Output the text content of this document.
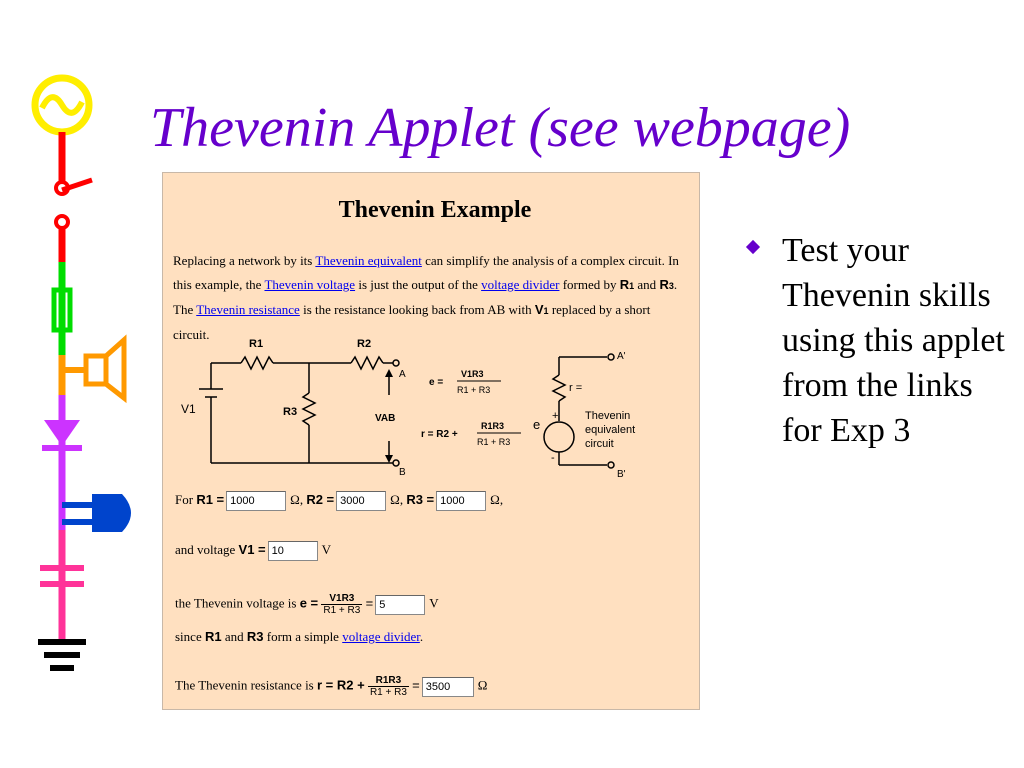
Thevenin Applet (see webpage)
Thevenin Example
Replacing a network by its Thevenin equivalent can simplify the analysis of a complex circuit. In this example, the Thevenin voltage is just the output of the voltage divider formed by R1 and R3. The Thevenin resistance is the resistance looking back from AB with V1 replaced by a short circuit.
R1	R2
R3
V1
VAB
A
B
A'
B'
r =
e
+
-
Thevenin
equivalent
circuit
e =
V1R3
R1 + R3
r = R2 +
R1R3
R1 + R3
For R1 = 1000	Ω, R2 = 3000 Ω, R3 = 1000 Ω,
and voltage V1 = 10	V
the Thevenin voltage is $e = \frac{V1R3}{R1 + R3} = 5$	V
since R1 and R3 form a simple voltage divider.
The Thevenin resistance is $r = R2 + \frac{R1R3}{R1 + R3} = 3500$ Ω
Test your Thevenin skills using this applet from the links for Exp 3
